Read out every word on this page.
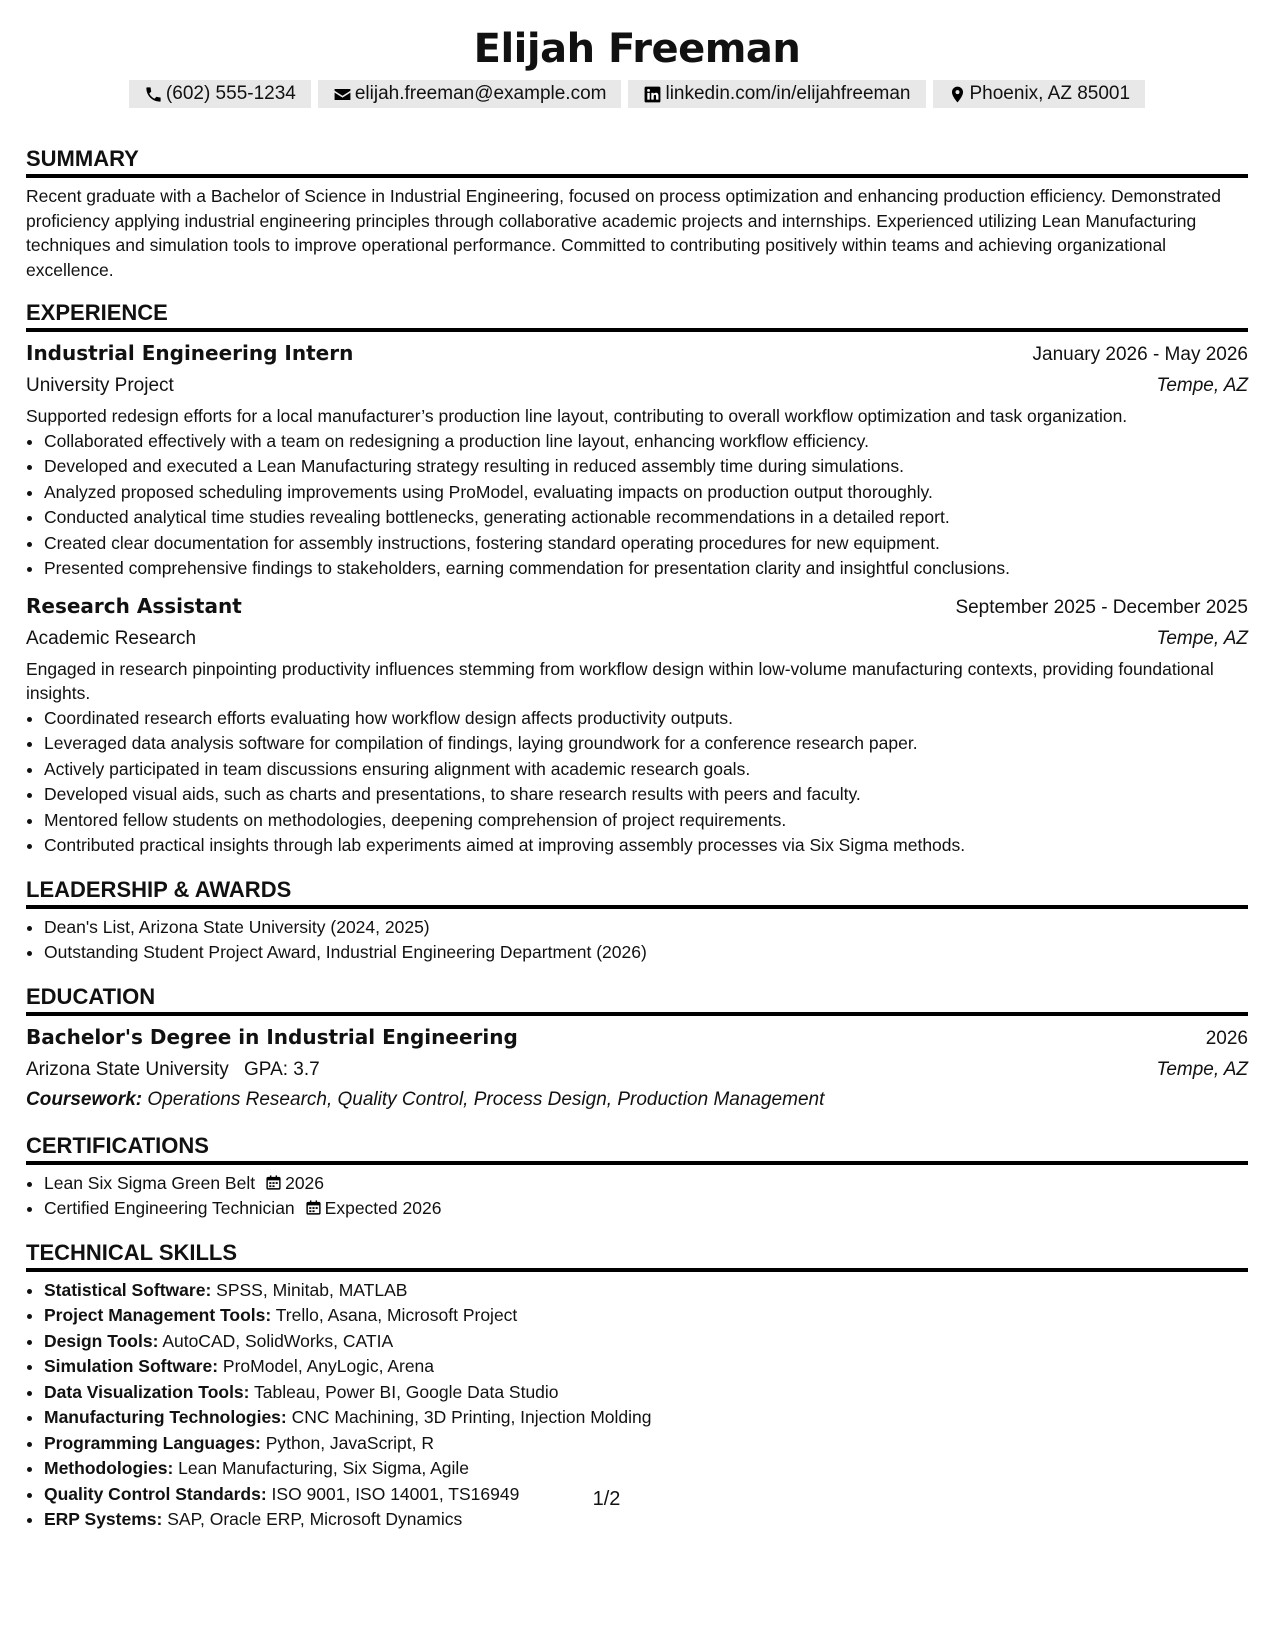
Elijah Freeman
(602) 555-1234	elijah.freeman@example.com	linkedin.com/in/elijahfreeman	Phoenix, AZ 85001
SUMMARY
Recent graduate with a Bachelor of Science in Industrial Engineering, focused on process optimization and enhancing production efficiency. Demonstrated proficiency applying industrial engineering principles through collaborative academic projects and internships. Experienced utilizing Lean Manufacturing techniques and simulation tools to improve operational performance. Committed to contributing positively within teams and achieving organizational excellence.
EXPERIENCE
Industrial Engineering Intern	January 2026 - May 2026
University Project	Tempe, AZ
Supported redesign efforts for a local manufacturer’s production line layout, contributing to overall workflow optimization and task organization.
• Collaborated effectively with a team on redesigning a production line layout, enhancing workflow efficiency.
• Developed and executed a Lean Manufacturing strategy resulting in reduced assembly time during simulations.
• Analyzed proposed scheduling improvements using ProModel, evaluating impacts on production output thoroughly.
• Conducted analytical time studies revealing bottlenecks, generating actionable recommendations in a detailed report.
• Created clear documentation for assembly instructions, fostering standard operating procedures for new equipment.
• Presented comprehensive findings to stakeholders, earning commendation for presentation clarity and insightful conclusions.
Research Assistant	September 2025 - December 2025
Academic Research	Tempe, AZ
Engaged in research pinpointing productivity influences stemming from workflow design within low-volume manufacturing contexts, providing foundational insights.
• Coordinated research efforts evaluating how workflow design affects productivity outputs.
• Leveraged data analysis software for compilation of findings, laying groundwork for a conference research paper.
• Actively participated in team discussions ensuring alignment with academic research goals.
• Developed visual aids, such as charts and presentations, to share research results with peers and faculty.
• Mentored fellow students on methodologies, deepening comprehension of project requirements.
• Contributed practical insights through lab experiments aimed at improving assembly processes via Six Sigma methods.
LEADERSHIP & AWARDS
• Dean's List, Arizona State University (2024, 2025)
• Outstanding Student Project Award, Industrial Engineering Department (2026)
EDUCATION
Bachelor's Degree in Industrial Engineering	2026
Arizona State University GPA: 3.7	Tempe, AZ
Coursework: Operations Research, Quality Control, Process Design, Production Management
CERTIFICATIONS
• Lean Six Sigma Green Belt 2026
• Certified Engineering Technician Expected 2026
TECHNICAL SKILLS
• Statistical Software: SPSS, Minitab, MATLAB
• Project Management Tools: Trello, Asana, Microsoft Project
• Design Tools: AutoCAD, SolidWorks, CATIA
• Simulation Software: ProModel, AnyLogic, Arena
• Data Visualization Tools: Tableau, Power BI, Google Data Studio
• Manufacturing Technologies: CNC Machining, 3D Printing, Injection Molding
• Programming Languages: Python, JavaScript, R
• Methodologies: Lean Manufacturing, Six Sigma, Agile
• Quality Control Standards: ISO 9001, ISO 14001, TS16949
• ERP Systems: SAP, Oracle ERP, Microsoft Dynamics
1/2
